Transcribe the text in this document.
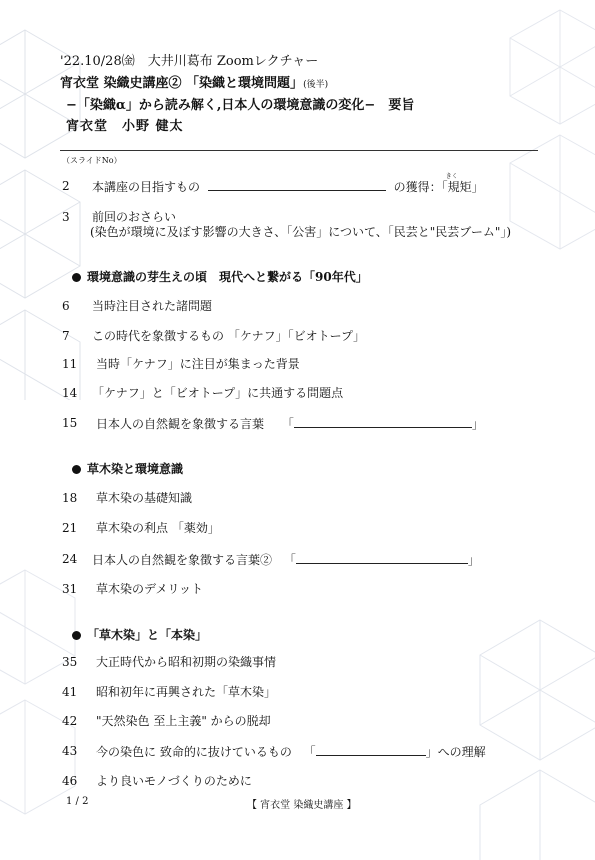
'22.10/28㈮　大井川葛布 Zoomレクチャー
宵衣堂 染織史講座② 「染織と環境問題」(後半)
−「染織α」から読み解く,日本人の環境意識の変化−　要旨
宵衣堂　小野 健太
（スライドNo）
2	本講座の目指すもの	の獲得：「規矩」
きく
3	前回のおさらい
(染色が環境に及ぼす影響の大きさ、「公害」について、「民芸と"民芸ブーム"」)
環境意識の芽生えの頃　現代へと繋がる「90年代」
6	当時注目された諸問題
7	この時代を象徴するもの 「ケナフ」「ビオトープ」
11	当時「ケナフ」に注目が集まった背景
14	「ケナフ」と「ビオトープ」に共通する問題点
15	日本人の自然観を象徴する言葉 「	」
草木染と環境意識
18	草木染の基礎知識
21	草木染の利点 「薬効」
24	日本人の自然観を象徴する言葉② 「	」
31	草木染のデメリット
「草木染」と「本染」
35	大正時代から昭和初期の染織事情
41	昭和初年に再興された「草木染」
42	"天然染色 至上主義" からの脱却
43	今の染色に 致命的に抜けているもの 「	」への理解
46	より良いモノづくりのために
1 / 2	【 宵衣堂 染織史講座 】
